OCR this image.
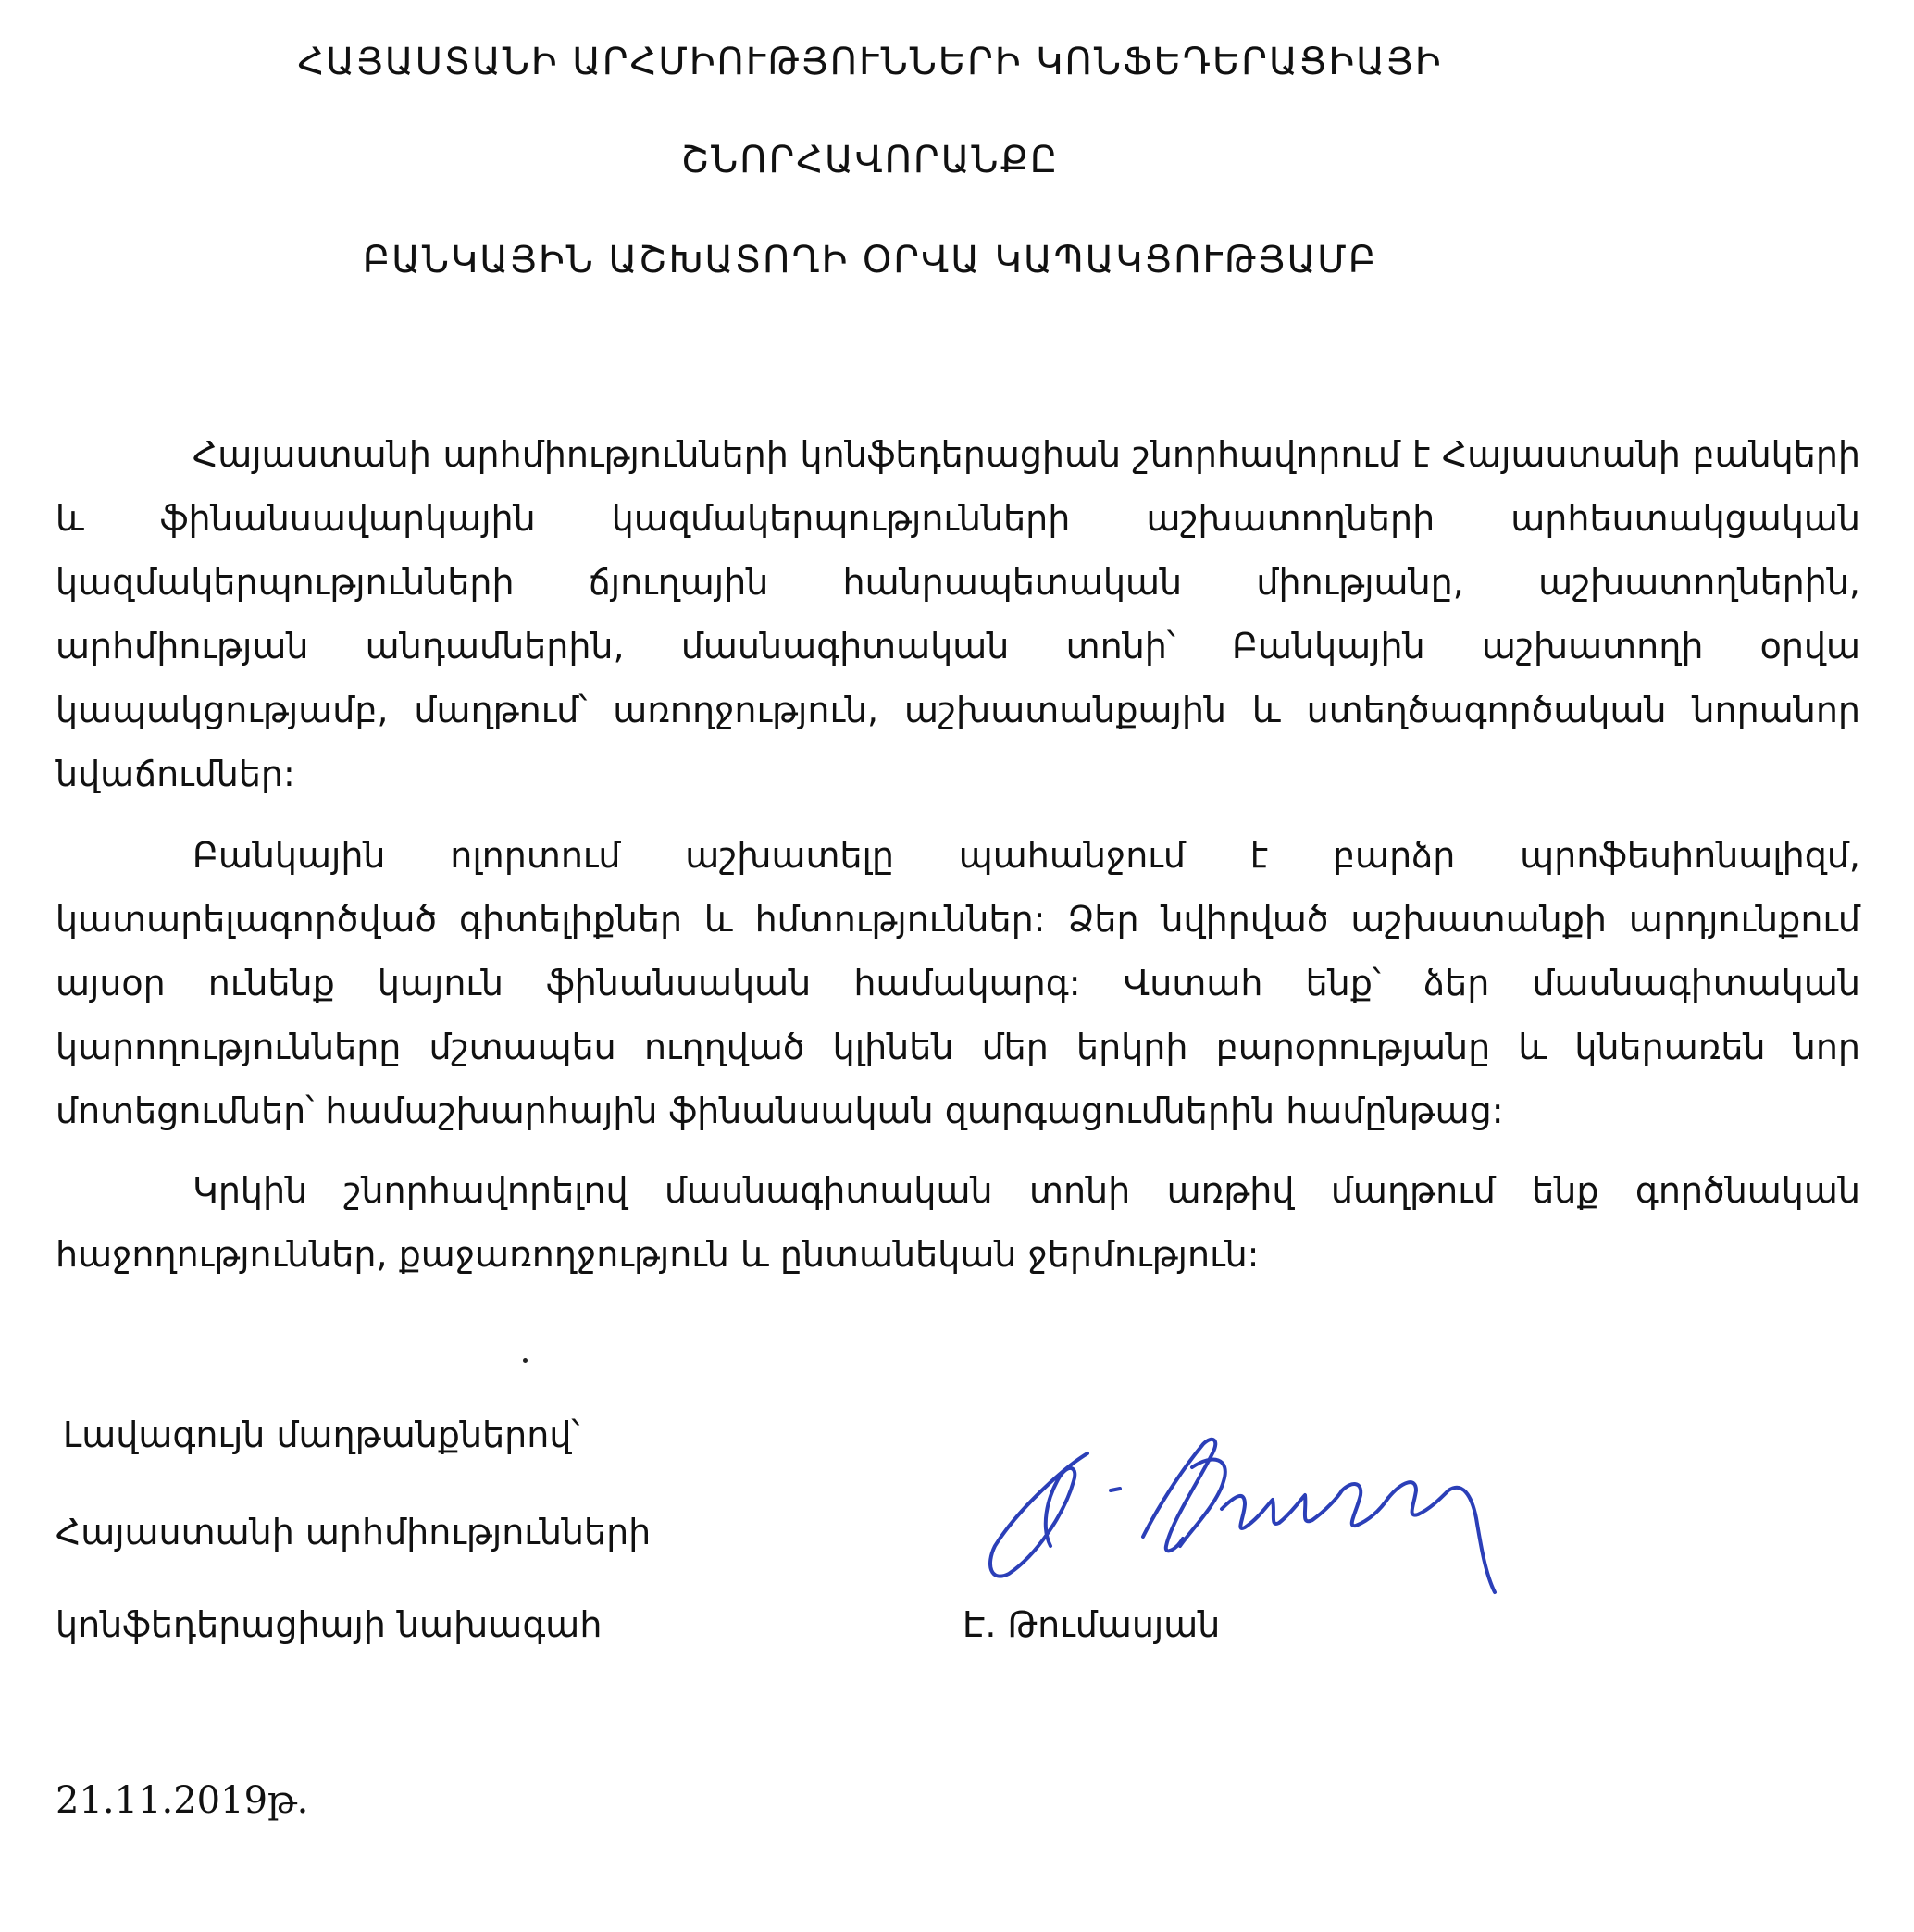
ՀԱՅԱՍՏԱՆԻ ԱՐՀՄԻՈՒԹՅՈՒՆՆԵՐԻ ԿՈՆՖԵԴԵՐԱՑԻԱՅԻ
ՇՆՈՐՀԱՎՈՐԱՆՔԸ
ԲԱՆԿԱՅԻՆ ԱՇԽԱՏՈՂԻ ՕՐՎԱ ԿԱՊԱԿՑՈՒԹՅԱՄԲ

Հայաստանի արհմիությունների կոնֆեդերացիան շնորհավորում է Հայաստանի բանկերի և ֆինանսավարկային կազմակերպությունների աշխատողների արհեստակցական կազմակերպությունների ճյուղային հանրապետական միությանը, աշխատողներին, արհմիության անդամներին, մասնագիտական տոնի՝ Բանկային աշխատողի օրվա կապակցությամբ, մաղթում՝ առողջություն, աշխատանքային և ստեղծագործական նորանոր նվաճումներ:

Բանկային ոլորտում աշխատելը պահանջում է բարձր պրոֆեսիոնալիզմ, կատարելագործված գիտելիքներ և հմտություններ: Ձեր նվիրված աշխատանքի արդյունքում այսօր ունենք կայուն ֆինանսական համակարգ: Վստահ ենք՝ ձեր մասնագիտական կարողությունները մշտապես ուղղված կլինեն մեր երկրի բարօրությանը և կներառեն նոր մոտեցումներ՝ համաշխարհային ֆինանսական զարգացումներին համընթաց:

Կրկին շնորհավորելով մասնագիտական տոնի առթիվ մաղթում ենք գործնական հաջողություններ, քաջառողջություն և ընտանեկան ջերմություն:

Լավագույն մաղթանքներով՝

Հայաստանի արհմիությունների

կոնֆեդերացիայի նախագահ	Է. Թումասյան
21.11.2019թ.
